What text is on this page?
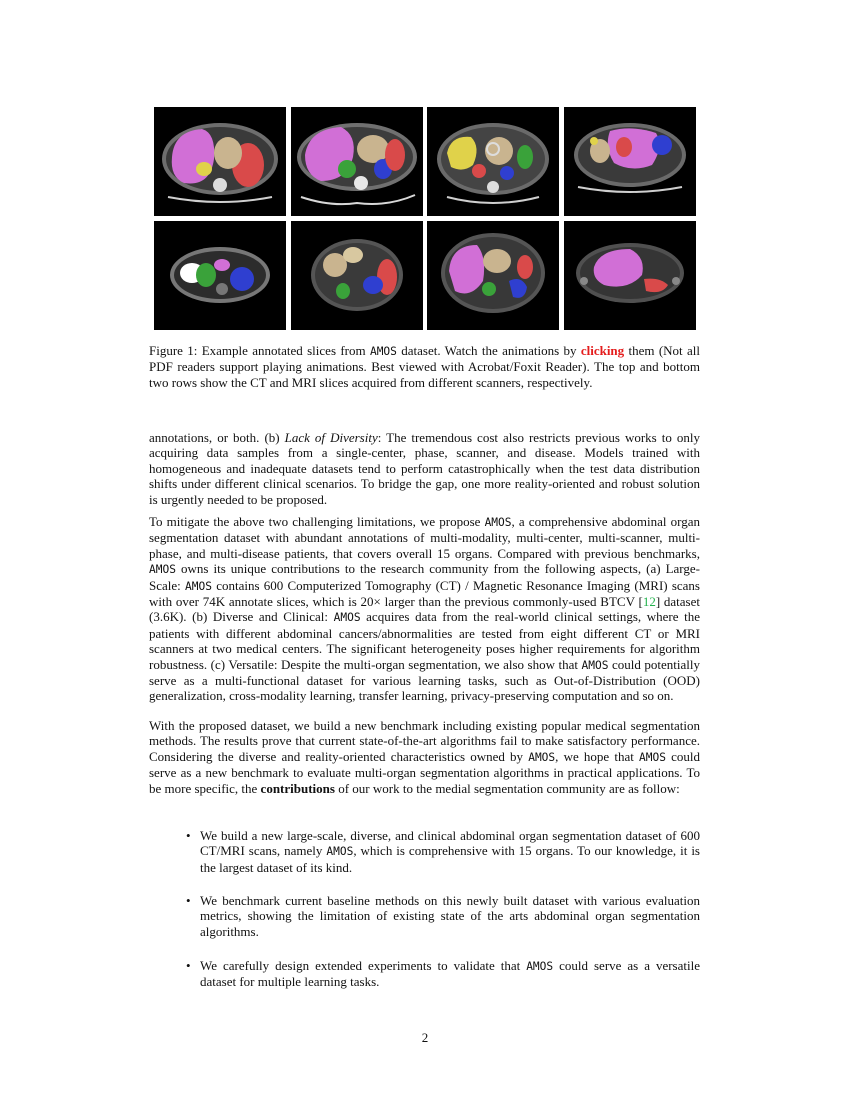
Figure 1: Example annotated slices from AMOS dataset. Watch the animations by clicking them (Not all PDF readers support playing animations. Best viewed with Acrobat/Foxit Reader). The top and bottom two rows show the CT and MRI slices acquired from different scanners, respectively.

annotations, or both. (b) Lack of Diversity: The tremendous cost also restricts previous works to only acquiring data samples from a single-center, phase, scanner, and disease. Models trained with homogeneous and inadequate datasets tend to perform catastrophically when the test data distribution shifts under different clinical scenarios. To bridge the gap, one more reality-oriented and robust solution is urgently needed to be proposed.

To mitigate the above two challenging limitations, we propose AMOS, a comprehensive abdominal organ segmentation dataset with abundant annotations of multi-modality, multi-center, multi-scanner, multi-phase, and multi-disease patients, that covers overall 15 organs. Compared with previous benchmarks, AMOS owns its unique contributions to the research community from the following aspects, (a) Large-Scale: AMOS contains 600 Computerized Tomography (CT) / Magnetic Resonance Imaging (MRI) scans with over 74K annotate slices, which is 20× larger than the previous commonly-used BTCV [12] dataset (3.6K). (b) Diverse and Clinical: AMOS acquires data from the real-world clinical settings, where the patients with different abdominal cancers/abnormalities are tested from eight different CT or MRI scanners at two medical centers. The significant heterogeneity poses higher requirements for algorithm robustness. (c) Versatile: Despite the multi-organ segmentation, we also show that AMOS could potentially serve as a multi-functional dataset for various learning tasks, such as Out-of-Distribution (OOD) generalization, cross-modality learning, transfer learning, privacy-preserving computation and so on.

With the proposed dataset, we build a new benchmark including existing popular medical segmentation methods. The results prove that current state-of-the-art algorithms fail to make satisfactory performance. Considering the diverse and reality-oriented characteristics owned by AMOS, we hope that AMOS could serve as a new benchmark to evaluate multi-organ segmentation algorithms in practical applications. To be more specific, the contributions of our work to the medial segmentation community are as follow:

• We build a new large-scale, diverse, and clinical abdominal organ segmentation dataset of 600 CT/MRI scans, namely AMOS, which is comprehensive with 15 organs. To our knowledge, it is the largest dataset of its kind.
• We benchmark current baseline methods on this newly built dataset with various evaluation metrics, showing the limitation of existing state of the arts abdominal organ segmentation algorithms.
• We carefully design extended experiments to validate that AMOS could serve as a versatile dataset for multiple learning tasks.
2
